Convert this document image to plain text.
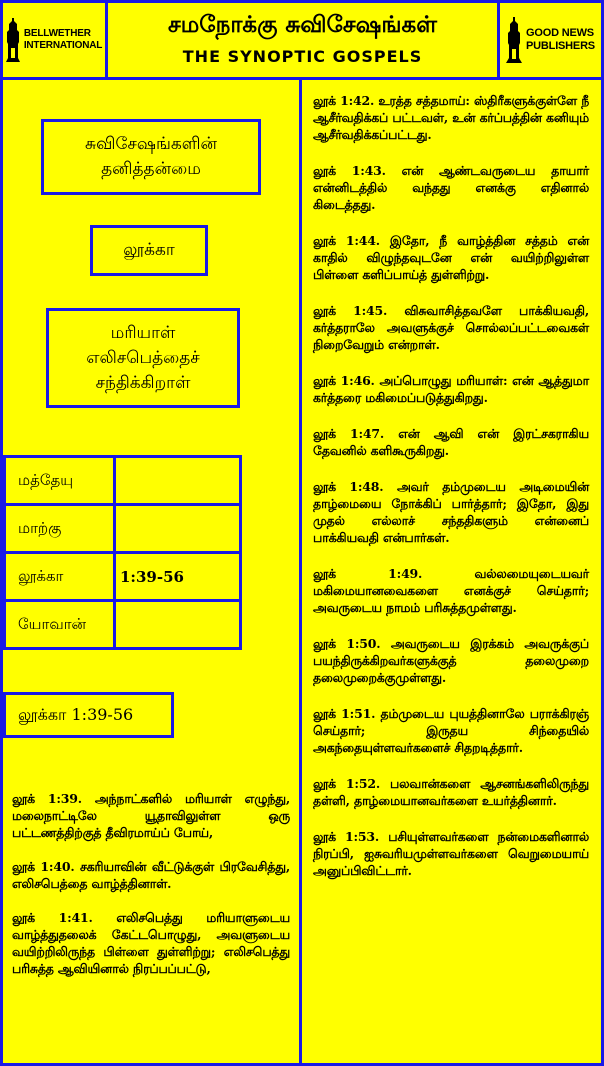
BELLWETHER
INTERNATIONAL
சமநோக்கு சுவிசேஷங்கள்
THE SYNOPTIC GOSPELS
GOOD NEWS
PUBLISHERS
சுவிசேஷங்களின்
தனித்தன்மை
லூக்கா
மரியாள்
எலிசபெத்தைச்
சந்திக்கிறாள்
மத்தேயு
மாற்கு
லூக்கா	1:39-56
யோவான்
லூக்கா 1:39-56

லூக் 1:39. அந்நாட்களில் மரியாள் எழுந்து, மலைநாட்டிலே யூதாவிலுள்ள ஒரு பட்டணத்திற்குத் தீவிரமாய்ப் போய்,

லூக் 1:40. சகரியாவின் வீட்டுக்குள் பிரவேசித்து, எலிசபெத்தை வாழ்த்தினாள்.

லூக் 1:41. எலிசபெத்து மரியாளுடைய வாழ்த்துதலைக் கேட்டபொழுது, அவளுடைய வயிற்றிலிருந்த பிள்ளை துள்ளிற்று; எலிசபெத்து பரிசுத்த ஆவியினால் நிரப்பப்பட்டு,

லூக் 1:42. உரத்த சத்தமாய்: ஸ்திரீகளுக்குள்ளே நீ ஆசீர்வதிக்கப் பட்டவள், உன் கர்ப்பத்தின் கனியும் ஆசீர்வதிக்கப்பட்டது.

லூக் 1:43. என் ஆண்டவருடைய தாயார் என்னிடத்தில் வந்தது எனக்கு எதினால் கிடைத்தது.

லூக் 1:44. இதோ, நீ வாழ்த்தின சத்தம் என் காதில் விழுந்தவுடனே என் வயிற்றிலுள்ள பிள்ளை களிப்பாய்த் துள்ளிற்று.

லூக் 1:45. விசுவாசித்தவளே பாக்கியவதி, கர்த்தராலே அவளுக்குச் சொல்லப்பட்டவைகள் நிறைவேறும் என்றாள்.

லூக் 1:46. அப்பொழுது மரியாள்: என் ஆத்துமா கர்த்தரை மகிமைப்படுத்துகிறது.

லூக் 1:47. என் ஆவி என் இரட்சகராகிய தேவனில் களிகூருகிறது.

லூக் 1:48. அவர் தம்முடைய அடிமையின் தாழ்மையை நோக்கிப் பார்த்தார்; இதோ, இது முதல் எல்லாச் சந்ததிகளும் என்னைப் பாக்கியவதி என்பார்கள்.

லூக் 1:49.	வல்லமையுடையவர் மகிமையானவைகளை எனக்குச் செய்தார்; அவருடைய நாமம் பரிசுத்தமுள்ளது.

லூக் 1:50. அவருடைய இரக்கம் அவருக்குப் பயந்திருக்கிறவர்களுக்குத் தலைமுறை தலைமுறைக்குமுள்ளது.

லூக் 1:51. தம்முடைய புயத்தினாலே பராக்கிரஞ் செய்தார்; இருதய சிந்தையில் அகந்தையுள்ளவர்களைச் சிதறடித்தார்.

லூக் 1:52. பலவான்களை ஆசனங்களிலிருந்து தள்ளி, தாழ்மையானவர்களை உயர்த்தினார்.

லூக் 1:53. பசியுள்ளவர்களை நன்மைகளினால் நிரப்பி, ஐசுவரியமுள்ளவர்களை வெறுமையாய் அனுப்பிவிட்டார்.
